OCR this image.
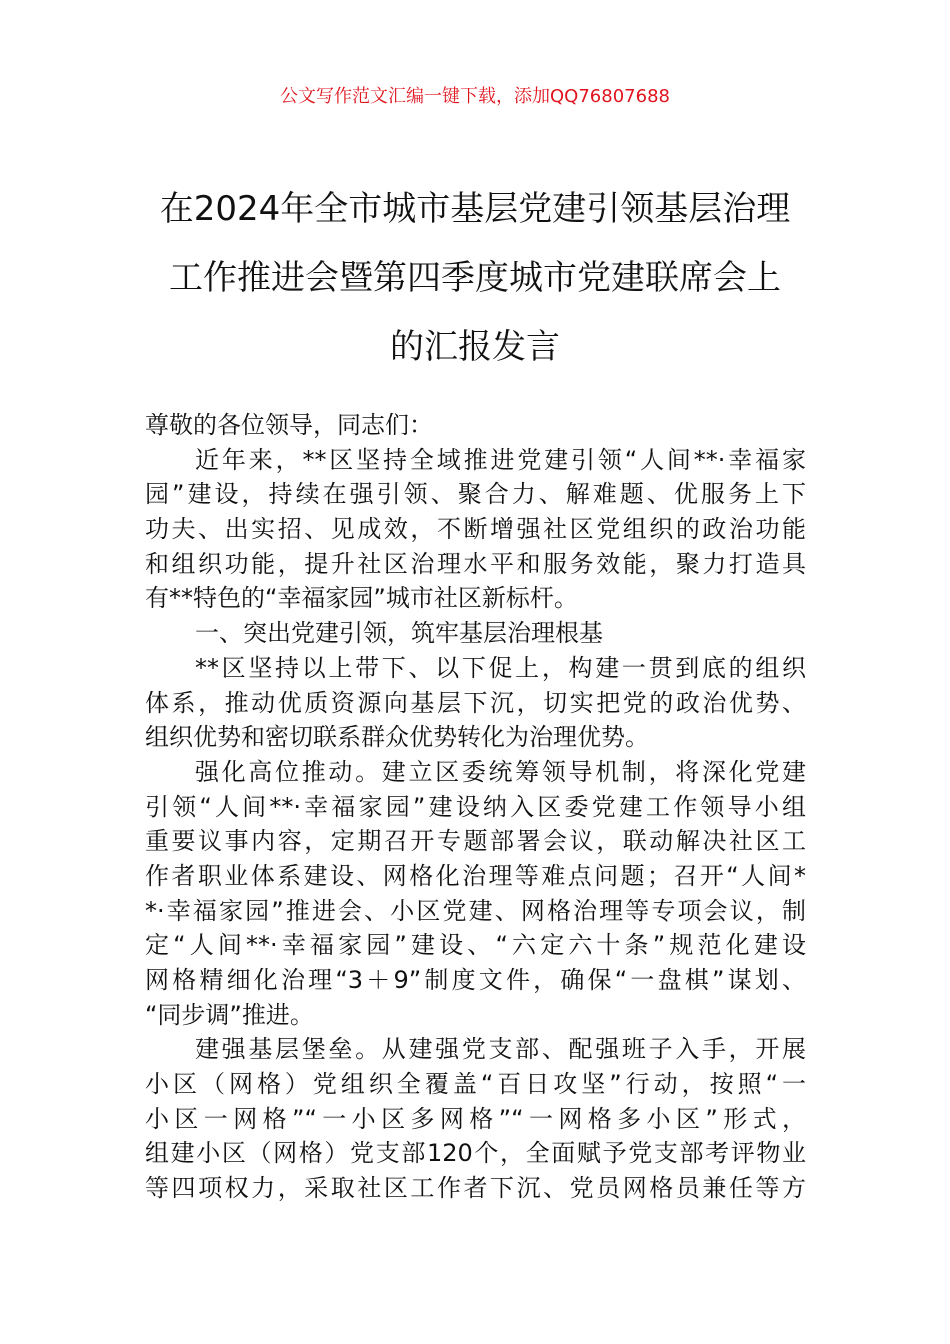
公文写作范文汇编一键下载，添加QQ76807688
在2024年全市城市基层党建引领基层治理
工作推进会暨第四季度城市党建联席会上
的汇报发言
尊敬的各位领导，同志们：
近年来，**区坚持全域推进党建引领“人间**·幸福家
园”建设，持续在强引领、聚合力、解难题、优服务上下
功夫、出实招、见成效，不断增强社区党组织的政治功能
和组织功能，提升社区治理水平和服务效能，聚力打造具
有**特色的“幸福家园”城市社区新标杆。
一、突出党建引领，筑牢基层治理根基
**区坚持以上带下、以下促上，构建一贯到底的组织
体系，推动优质资源向基层下沉，切实把党的政治优势、
组织优势和密切联系群众优势转化为治理优势。
强化高位推动。建立区委统筹领导机制，将深化党建
引领“人间**·幸福家园”建设纳入区委党建工作领导小组
重要议事内容，定期召开专题部署会议，联动解决社区工
作者职业体系建设、网格化治理等难点问题；召开“人间*
*·幸福家园”推进会、小区党建、网格治理等专项会议，制
定“人间**·幸福家园”建设、“六定六十条”规范化建设
网格精细化治理“3＋9”制度文件，确保“一盘棋”谋划、
“同步调”推进。
建强基层堡垒。从建强党支部、配强班子入手，开展
小区（网格）党组织全覆盖“百日攻坚”行动，按照“一
小区一网格”“一小区多网格”“一网格多小区”形式，
组建小区（网格）党支部120个，全面赋予党支部考评物业
等四项权力，采取社区工作者下沉、党员网格员兼任等方
